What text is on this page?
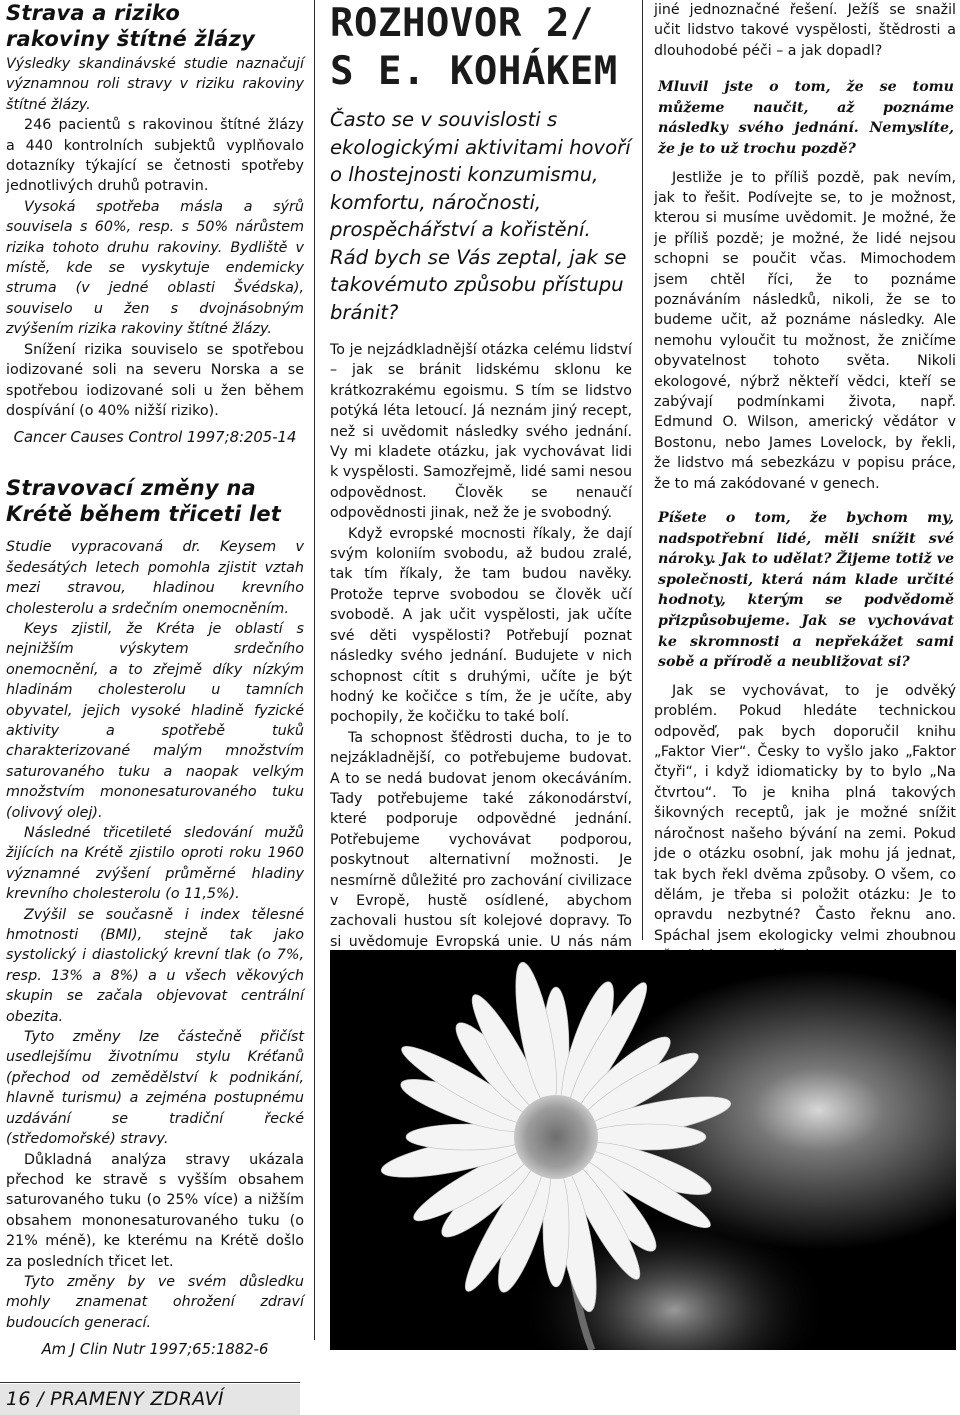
Strava a riziko
rakoviny štítné žlázy

Výsledky skandinávské studie naznačují významnou roli stravy v riziku rakoviny štítné žlázy.

246 pacientů s rakovinou štítné žlázy a 440 kontrolních subjektů vyplňovalo dotazníky týkající se četnosti spotřeby jednotlivých druhů potravin.

Vysoká spotřeba másla a sýrů souvisela s 60%, resp. s 50% nárůstem rizika tohoto druhu rakoviny. Bydliště v místě, kde se vyskytuje endemicky struma (v jedné oblasti Švédska), souviselo u žen s dvojnásobným zvýšením rizika rakoviny štítné žlázy.

Snížení rizika souviselo se spotřebou iodizované soli na severu Norska a se spotřebou iodizované soli u žen během dospívání (o 40% nižší riziko).

Cancer Causes Control 1997;8:205-14

Stravovací změny na
Krétě během třiceti let

Studie vypracovaná dr. Keysem v šedesátých letech pomohla zjistit vztah mezi stravou, hladinou krevního cholesterolu a srdečním onemocněním.

Keys zjistil, že Kréta je oblastí s nejnižším výskytem srdečního onemocnění, a to zřejmě díky nízkým hladinám cholesterolu u tamních obyvatel, jejich vysoké hladině fyzické aktivity a spotřebě tuků charakterizované malým množstvím saturovaného tuku a naopak velkým množstvím mononesaturovaného tuku (olivový olej).

Následné třicetileté sledování mužů žijících na Krétě zjistilo oproti roku 1960 významné zvýšení průměrné hladiny krevního cholesterolu (o 11,5%).

Zvýšil se současně i index tělesné hmotnosti (BMI), stejně tak jako systolický i diastolický krevní tlak (o 7%, resp. 13% a 8%) a u všech věkových skupin se začala objevovat centrální obezita.

Tyto změny lze částečně přičíst usedlejšímu životnímu stylu Kréťanů (přechod od zemědělství k podnikání, hlavně turismu) a zejména postupnému uzdávání se tradiční řecké (středomořské) stravy.

Důkladná analýza stravy ukázala přechod ke stravě s vyšším obsahem saturovaného tuku (o 25% více) a nižším obsahem mononesaturovaného tuku (o 21% méně), ke kterému na Krétě došlo za posledních třicet let.

Tyto změny by ve svém důsledku mohly znamenat ohrožení zdraví budoucích generací.

Am J Clin Nutr 1997;65:1882-6

ROZHOVOR 2/ S E. KOHÁKEM

Často se v souvislosti s ekologickými aktivitami hovoří o lhostejnosti konzumismu, komfortu, náročnosti, prospěchářství a kořistění. Rád bych se Vás zeptal, jak se takovémuto způsobu přístupu bránit?

To je nejzádkladnější otázka celému lidství – jak se bránit lidskému sklonu ke krátkozrakému egoismu. S tím se lidstvo potýká léta letoucí. Já neznám jiný recept, než si uvědomit následky svého jednání. Vy mi kladete otázku, jak vychovávat lidi k vyspělosti. Samozřejmě, lidé sami nesou odpovědnost. Člověk se nenaučí odpovědnosti jinak, než že je svobodný.

Když evropské mocnosti říkaly, že dají svým koloniím svobodu, až budou zralé, tak tím říkaly, že tam budou navěky. Protože teprve svobodou se člověk učí svobodě. A jak učit vyspělosti, jak učíte své děti vyspělosti? Potřebují poznat následky svého jednání. Budujete v nich schopnost cítit s druhými, učíte je být hodný ke kočičce s tím, že je učíte, aby pochopily, že kočičku to také bolí.

Ta schopnost šťědrosti ducha, to je to nejzákladnější, co potřebujeme budovat. A to se nedá budovat jenom okecáváním. Tady potřebujeme také zákonodárství, které podporuje odpovědné jednání. Potřebujeme vychovávat podporou, poskytnout alternativní možnosti. Je nesmírně důležité pro zachování civilizace v Evropě, hustě osídlené, abychom zachovali hustou sít kolejové dopravy. To si uvědomuje Evropská unie. U nás nám

jiné jednoznačné řešení. Ježíš se snažil učit lidstvo takové vyspělosti, štědrosti a dlouhodobé péči – a jak dopadl?

Mluvil jste o tom, že se tomu můžeme naučit, až poznáme následky svého jednání. Nemyslíte, že je to už trochu pozdě?

Jestliže je to příliš pozdě, pak nevím, jak to řešit. Podívejte se, to je možnost, kterou si musíme uvědomit. Je možné, že je příliš pozdě; je možné, že lidé nejsou schopni se poučit včas. Mimochodem jsem chtěl říci, že to poznáme poznáváním následků, nikoli, že se to budeme učit, až poznáme následky. Ale nemohu vyloučit tu možnost, že zničíme obyvatelnost tohoto světa. Nikoli ekologové, nýbrž někteří vědci, kteří se zabývají podmínkami života, např. Edmund O. Wilson, americký vědátor v Bostonu, nebo James Lovelock, by řekli, že lidstvo má sebezkázu v popisu práce, že to má zakódované v genech.

Píšete o tom, že bychom my, nadspotřební lidé, měli snížit své nároky. Jak to udělat? Žijeme totiž ve společnosti, která nám klade určité hodnoty, kterým se podvědomě přizpůsobujeme. Jak se vychovávat ke skromnosti a nepřekážet sami sobě a přírodě a neubližovat si?

Jak se vychovávat, to je odvěký problém. Pokud hledáte technickou odpověď, pak bych doporučil knihu „Faktor Vier“. Česky to vyšlo jako „Faktor čtyři“, i když idiomaticky by to bylo „Na čtvrtou“. To je kniha plná takových šikovných receptů, jak je možné snížit náročnost našeho bývání na zemi. Pokud jde o otázku osobní, jak mohu já jednat, tak bych řekl dvěma způsoby. O všem, co dělám, je třeba si položit otázku: Je to opravdu nezbytné? Často řeknu ano. Spáchal jsem ekologicky velmi zhoubnou

16 / PRAMENY ZDRAVÍ
